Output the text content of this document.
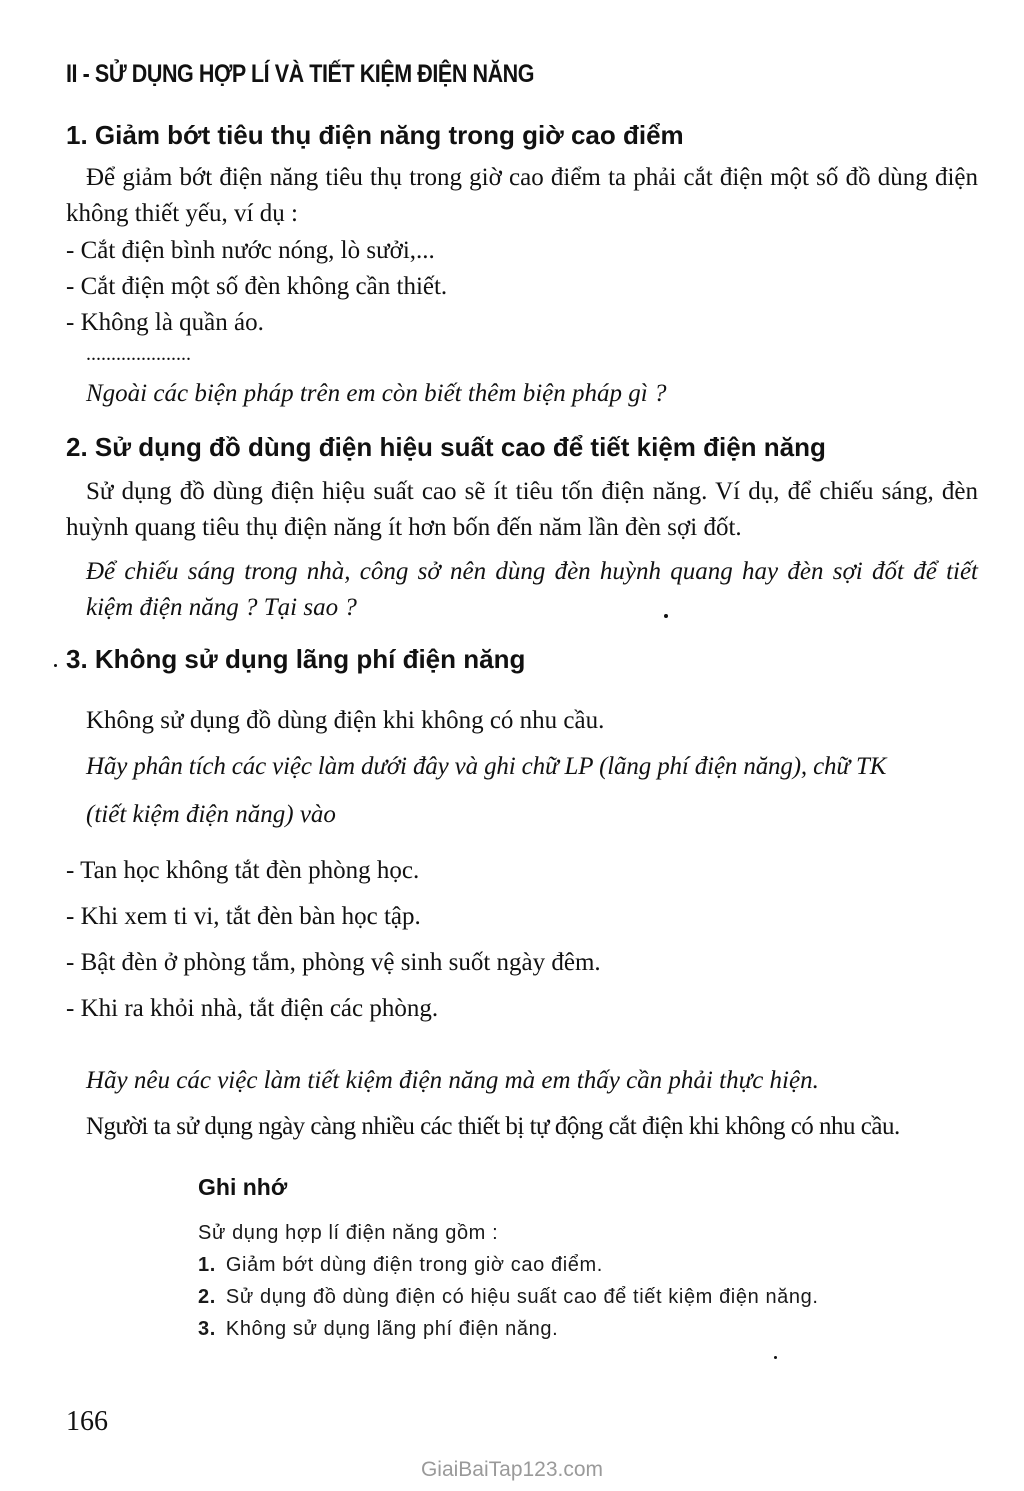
II - SỬ DỤNG HỢP LÍ VÀ TIẾT KIỆM ĐIỆN NĂNG
1. Giảm bớt tiêu thụ điện năng trong giờ cao điểm
Để giảm bớt điện năng tiêu thụ trong giờ cao điểm ta phải cắt điện một số đồ dùng điện không thiết yếu, ví dụ :
- Cắt điện bình nước nóng, lò sưởi,...
- Cắt điện một số đèn không cần thiết.
- Không là quần áo.
.....................
Ngoài các biện pháp trên em còn biết thêm biện pháp gì ?
2. Sử dụng đồ dùng điện hiệu suất cao để tiết kiệm điện năng
Sử dụng đồ dùng điện hiệu suất cao sẽ ít tiêu tốn điện năng. Ví dụ, để chiếu sáng, đèn huỳnh quang tiêu thụ điện năng ít hơn bốn đến năm lần đèn sợi đốt.
Để chiếu sáng trong nhà, công sở nên dùng đèn huỳnh quang hay đèn sợi đốt để tiết kiệm điện năng ? Tại sao ?
3. Không sử dụng lãng phí điện năng
Không sử dụng đồ dùng điện khi không có nhu cầu.
Hãy phân tích các việc làm dưới đây và ghi chữ LP (lãng phí điện năng), chữ TK
(tiết kiệm điện năng) vào
- Tan học không tắt đèn phòng học.
- Khi xem ti vi, tắt đèn bàn học tập.
- Bật đèn ở phòng tắm, phòng vệ sinh suốt ngày đêm.
- Khi ra khỏi nhà, tắt điện các phòng.
Hãy nêu các việc làm tiết kiệm điện năng mà em thấy cần phải thực hiện.
Người ta sử dụng ngày càng nhiều các thiết bị tự động cắt điện khi không có nhu cầu.
Ghi nhớ
Sử dụng hợp lí điện năng gồm :
1. Giảm bớt dùng điện trong giờ cao điểm.
2. Sử dụng đồ dùng điện có hiệu suất cao để tiết kiệm điện năng.
3. Không sử dụng lãng phí điện năng.
166
GiaiBaiTap123.com
